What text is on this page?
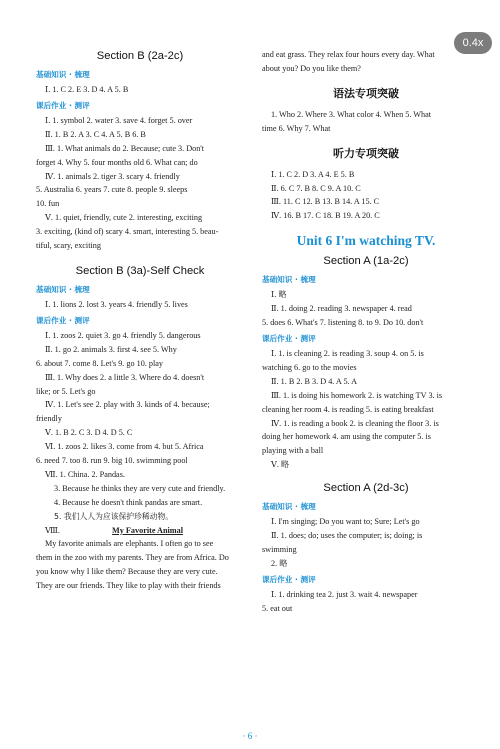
0.4x
Section B (2a-2c)
基础知识 · 梳理
Ⅰ. 1. C 2. E 3. D 4. A 5. B
课后作业 · 测评
Ⅰ. 1. symbol 2. water 3. save 4. forget 5. over
Ⅱ. 1. B 2. A 3. C 4. A 5. B 6. B
Ⅲ. 1. What animals do 2. Because; cute 3. Don't
forget 4. Why 5. four months old 6. What can; do
Ⅳ. 1. animals 2. tiger 3. scary 4. friendly
5. Australia 6. years 7. cute 8. people 9. sleeps
10. fun
Ⅴ. 1. quiet, friendly, cute 2. interesting, exciting
3. exciting, (kind of) scary 4. smart, interesting 5. beau-
tiful, scary, exciting
Section B (3a)-Self Check
基础知识 · 梳理
Ⅰ. 1. lions 2. lost 3. years 4. friendly 5. lives
课后作业 · 测评
Ⅰ. 1. zoos 2. quiet 3. go 4. friendly 5. dangerous
Ⅱ. 1. go 2. animals 3. first 4. see 5. Why
6. about 7. come 8. Let's 9. go 10. play
Ⅲ. 1. Why does 2. a little 3. Where do 4. doesn't
like; or 5. Let's go
Ⅳ. 1. Let's see 2. play with 3. kinds of 4. because;
friendly
Ⅴ. 1. B 2. C 3. D 4. D 5. C
Ⅵ. 1. zoos 2. likes 3. come from 4. but 5. Africa
6. need 7. too 8. run 9. big 10. swimming pool
Ⅶ. 1. China. 2. Pandas.
3. Because he thinks they are very cute and friendly.
4. Because he doesn't think pandas are smart.
5. 我们人人为应该保护珍稀动物。
Ⅷ.	My Favorite Animal
My favorite animals are elephants. I often go to see
them in the zoo with my parents. They are from Africa. Do
you know why I like them? Because they are very cute.
They are our friends. They like to play with their friends
and eat grass. They relax four hours every day. What
about you? Do you like them?
语法专项突破
1. Who 2. Where 3. What color 4. When 5. What
time 6. Why 7. What
听力专项突破
Ⅰ. 1. C 2. D 3. A 4. E 5. B
Ⅱ. 6. C 7. B 8. C 9. A 10. C
Ⅲ. 11. C 12. B 13. B 14. A 15. C
Ⅳ. 16. B 17. C 18. B 19. A 20. C
Unit 6 I'm watching TV.
Section A (1a-2c)
基础知识 · 梳理
Ⅰ. 略
Ⅱ. 1. doing 2. reading 3. newspaper 4. read
5. does 6. What's 7. listening 8. to 9. Do 10. don't
课后作业 · 测评
Ⅰ. 1. is cleaning 2. is reading 3. soup 4. on 5. is
watching 6. go to the movies
Ⅱ. 1. B 2. B 3. D 4. A 5. A
Ⅲ. 1. is doing his homework 2. is watching TV 3. is
cleaning her room 4. is reading 5. is eating breakfast
Ⅳ. 1. is reading a book 2. is cleaning the floor 3. is
doing her homework 4. am using the computer 5. is
playing with a ball
Ⅴ. 略
Section A (2d-3c)
基础知识 · 梳理
Ⅰ. I'm singing; Do you want to; Sure; Let's go
Ⅱ. 1. does; do; uses the computer; is; doing; is
swimming
2. 略
课后作业 · 测评
Ⅰ. 1. drinking tea 2. just 3. wait 4. newspaper
5. eat out
· 6 ·
